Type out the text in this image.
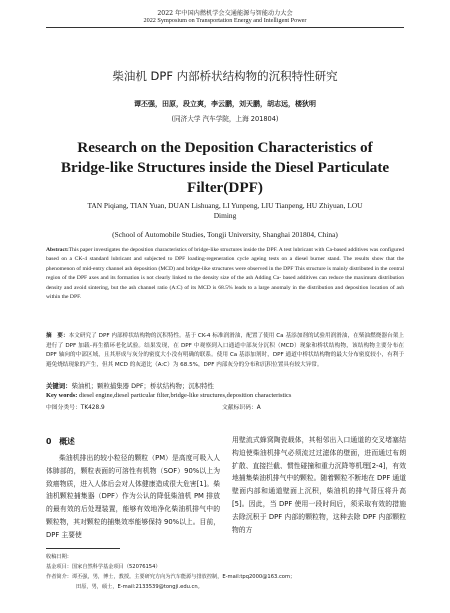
2022 年中国内燃机学会交通能源与智能动力大会
2022 Symposium on Transportation Energy and Intelligent Power
柴油机 DPF 内部桥状结构物的沉积特性研究
谭丕强，田原，段立爽，李云鹏，刘天鹏，胡志远，楼狄明
(同济大学 汽车学院，上海 201804)
Research on the Deposition Characteristics of
Bridge-like Structures inside the Diesel Particulate
Filter(DPF)
TAN Piqiang, TIAN Yuan, DUAN Lishuang, LI Yunpeng, LIU Tianpeng, HU Zhiyuan, LOU Diming
(School of Automobile Studies, Tongji University, Shanghai 201804, China)
Abstract:This paper investigates the deposition characteristics of bridge-like structures inside the DPF. A test lubricant with Ca-based additives was configured based on a CK-4 standard lubricant and subjected to DPF loading-regeneration cycle ageing tests on a diesel burner stand. The results show that the phenomenon of mid-entry channel ash deposition (MCD) and bridge-like structures were observed in the DPF This structure is mainly distributed in the central region of the DPF axes and its formation is not clearly linked to the density size of the ash Adding Ca- based additives can reduce the maximum distribution density and avoid sintering, but the ash channel ratio (A:C) of its MCD is 68.5% leads to a large anomaly in the distribution and deposition location of ash within the DPF.
摘　要：本文研究了 DPF 内部桥状结构物的沉积特性。基于 CK-4 标准润滑油，配置了使用 Ca 基添加剂的试验用润滑油，在柴油燃烧器台架上进行了 DPF 加载-再生循环老化试验。结果发现，在 DPF 中观察到入口通道中部灰分沉积（MCD）现象和桥状结构物，该结构物主要分布在 DPF 轴向的中部区域，且其形成与灰分的密度大小没有明确的联系。使用 Ca 基添加剂时，DPF 通道中桥状结构物的最大分布密度较小，有利于避免烧结现象的产生，但其 MCD 的灰道比（A:C）为 68.5%，DPF 内部灰分的分布和沉积位置具有较大异常。
关键词：柴油机；颗粒捕集器 DPF；桥状结构物；沉积特性
Key words: diesel engine,diesel particular filter,bridge-like structures,deposition characteristics
中图分类号：TK428.9	文献标识码：A
0　概述
柴油机排出的较小粒径的颗粒（PM）是高度可吸入人体肺部的，颗粒表面的可溶性有机物（SOF）90%以上为致癌物质，进入人体后会对人体健康造成很大危害[1]。柴油机颗粒捕集器（DPF）作为公认的降低柴油机 PM 排放的最有效的后处理装置，能够有效地净化柴油机排气中的颗粒物，其对颗粒的捕集效率能够保持 90%以上。目前，DPF 主要使
用壁流式蜂窝陶瓷载体，其相邻出入口通道的交叉堵塞结构迫使柴油机排气必须流过过滤体的壁面，进而通过布朗扩散、直接拦截、惯性碰撞和重力沉降等机理[2-4]，有效地捕集柴油机排气中的颗粒。随着颗粒不断地在 DPF 通道壁面内部和通道壁面上沉积，柴油机的排气背压将升高[5]。因此，当 DPF 使用一段时间后，须采取有效的措施去除沉积于 DPF 内部的颗粒物，这种去除 DPF 内部颗粒物的方
收稿日期：
基金项目：国家自然科学基金项目（52076154）
作者简介：谭丕强，男，博士，教授。主要研究方向为汽车能源与排放控制，E-mail:tpq2000@163.com；
田原，男，硕士，E-mail:2133539@tongji.edu.cn。
